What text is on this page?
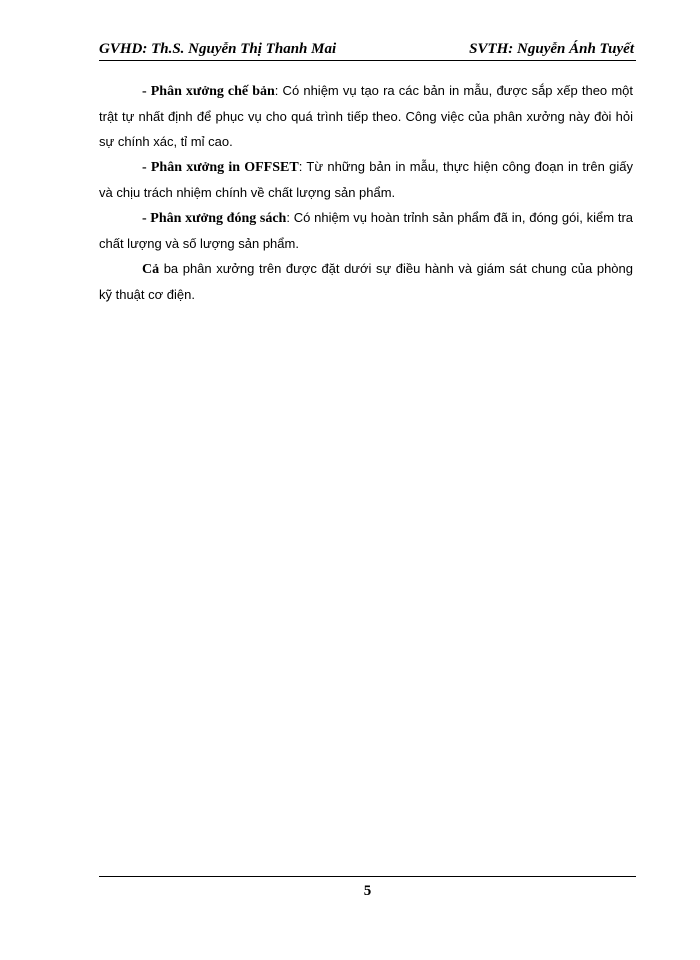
GVHD: Th.S. Nguyễn Thị Thanh Mai	SVTH: Nguyễn Ánh Tuyết

- Phân xưởng chế bản: Có nhiệm vụ tạo ra các bản in mẫu, được sắp xếp theo một trật tự nhất định để phục vụ cho quá trình tiếp theo. Công việc của phân xưởng này đòi hỏi sự chính xác, tỉ mỉ cao.

- Phân xưởng in OFFSET: Từ những bản in mẫu, thực hiện công đoạn in trên giấy và chịu trách nhiệm chính về chất lượng sản phẩm.

- Phân xưởng đóng sách: Có nhiệm vụ hoàn trỉnh sản phẩm đã in, đóng gói, kiểm tra chất lượng và số lượng sản phẩm.

Cả ba phân xưởng trên được đặt dưới sự điều hành và giám sát chung của phòng kỹ thuật cơ điện.

5
